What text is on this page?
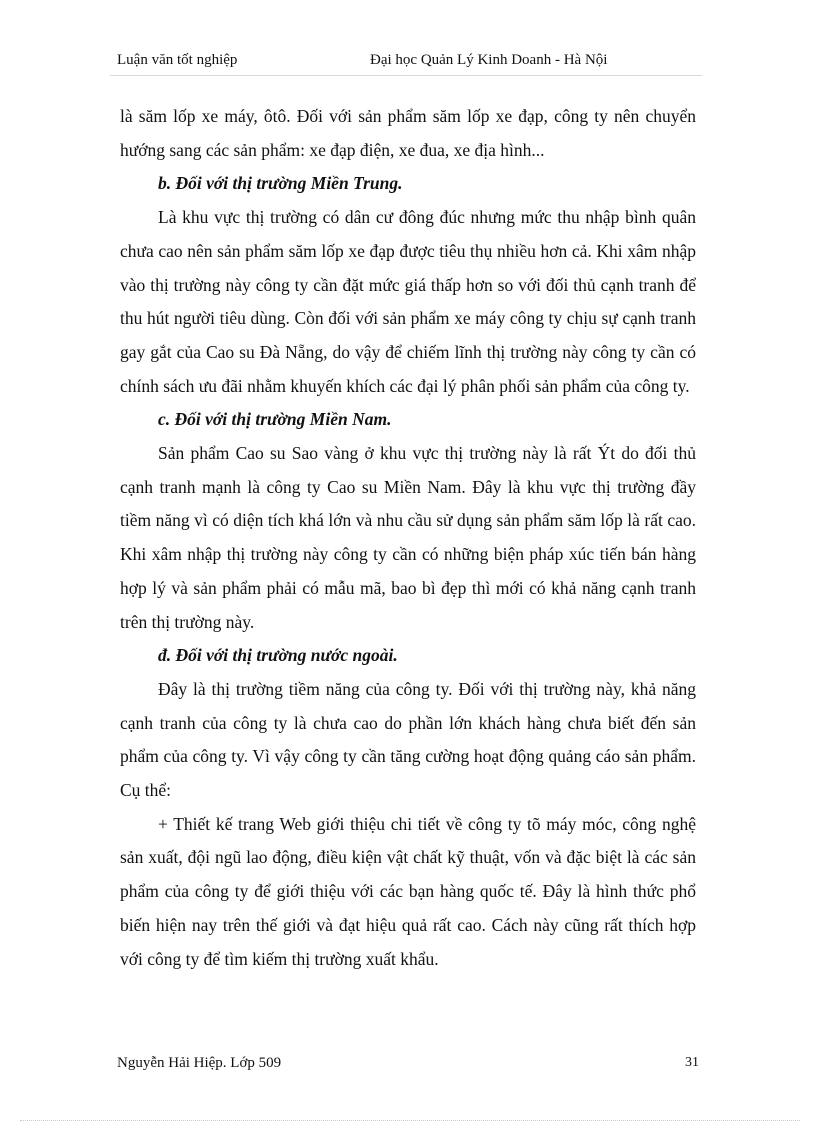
Luận văn tốt nghiệp	Đại học Quản Lý Kinh Doanh - Hà Nội

là săm lốp xe máy, ôtô. Đối với sản phẩm săm lốp xe đạp, công ty nên chuyển hướng sang các sản phẩm: xe đạp điện, xe đua, xe địa hình...

b. Đối với thị trường Miền Trung.

Là khu vực thị trường có dân cư đông đúc nhưng mức thu nhập bình quân chưa cao nên sản phẩm săm lốp xe đạp được tiêu thụ nhiều hơn cả. Khi xâm nhập vào thị trường này công ty cần đặt mức giá thấp hơn so với đối thủ cạnh tranh để thu hút người tiêu dùng. Còn đối với sản phẩm xe máy công ty chịu sự cạnh tranh gay gắt của Cao su Đà Nẵng, do vậy để chiếm lĩnh thị trường này công ty cần có chính sách ưu đãi nhằm khuyến khích các đại lý phân phối sản phẩm của công ty.

c. Đối với thị trường Miền Nam.

Sản phẩm Cao su Sao vàng ở khu vực thị trường này là rất Ýt do đối thủ cạnh tranh mạnh là công ty Cao su Miền Nam. Đây là khu vực thị trường đầy tiềm năng vì có diện tích khá lớn và nhu cầu sử dụng sản phẩm săm lốp là rất cao. Khi xâm nhập thị trường này công ty cần có những biện pháp xúc tiến bán hàng hợp lý và sản phẩm phải có mẫu mã, bao bì đẹp thì mới có khả năng cạnh tranh trên thị trường này.

đ. Đối với thị trường nước ngoài.

Đây là thị trường tiềm năng của công ty. Đối với thị trường này, khả năng cạnh tranh của công ty là chưa cao do phần lớn khách hàng chưa biết đến sản phẩm của công ty. Vì vậy công ty cần tăng cường hoạt động quảng cáo sản phẩm. Cụ thể:

+ Thiết kế trang Web giới thiệu chi tiết về công ty tõ máy móc, công nghệ sản xuất, đội ngũ lao động, điều kiện vật chất kỹ thuật, vốn và đặc biệt là các sản phẩm của công ty để giới thiệu với các bạn hàng quốc tế. Đây là hình thức phổ biến hiện nay trên thế giới và đạt hiệu quả rất cao. Cách này cũng rất thích hợp với công ty để tìm kiếm thị trường xuất khẩu.

Nguyễn Hải Hiệp. Lớp 509	31
